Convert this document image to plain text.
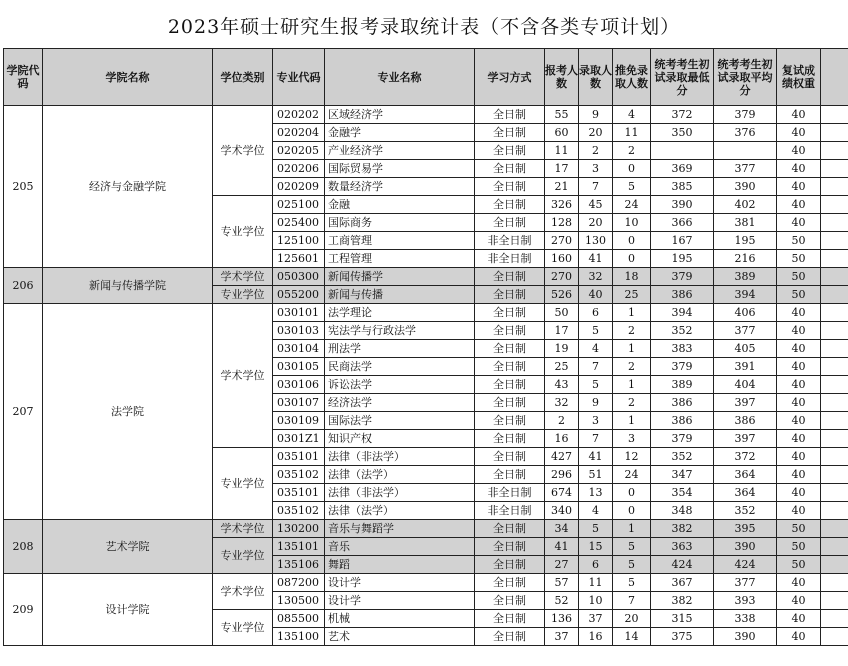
2023年硕士研究生报考录取统计表（不含各类专项计划）
学院代码	学院名称	学位类别	专业代码	专业名称	学习方式	报考人数	录取人数	推免录取人数	统考考生初试录取最低分	统考考生初试录取平均分	复试成绩权重	
205	经济与金融学院	学术学位	020202	区域经济学	全日制	55	9	4	372	379	40	
			020204	金融学	全日制	60	20	11	350	376	40	
			020205	产业经济学	全日制	11	2	2			40	
			020206	国际贸易学	全日制	17	3	0	369	377	40	
			020209	数量经济学	全日制	21	7	5	385	390	40	
		专业学位	025100	金融	全日制	326	45	24	390	402	40	
			025400	国际商务	全日制	128	20	10	366	381	40	
			125100	工商管理	非全日制	270	130	0	167	195	50	
			125601	工程管理	非全日制	160	41	0	195	216	50	
206	新闻与传播学院	学术学位	050300	新闻传播学	全日制	270	32	18	379	389	50	
		专业学位	055200	新闻与传播	全日制	526	40	25	386	394	50	
207	法学院	学术学位	030101	法学理论	全日制	50	6	1	394	406	40	
			030103	宪法学与行政法学	全日制	17	5	2	352	377	40	
			030104	刑法学	全日制	19	4	1	383	405	40	
			030105	民商法学	全日制	25	7	2	379	391	40	
			030106	诉讼法学	全日制	43	5	1	389	404	40	
			030107	经济法学	全日制	32	9	2	386	397	40	
			030109	国际法学	全日制	2	3	1	386	386	40	
			0301Z1	知识产权	全日制	16	7	3	379	397	40	
		专业学位	035101	法律（非法学）	全日制	427	41	12	352	372	40	
			035102	法律（法学）	全日制	296	51	24	347	364	40	
			035101	法律（非法学）	非全日制	674	13	0	354	364	40	
			035102	法律（法学）	非全日制	340	4	0	348	352	40	
208	艺术学院	学术学位	130200	音乐与舞蹈学	全日制	34	5	1	382	395	50	
		专业学位	135101	音乐	全日制	41	15	5	363	390	50	
			135106	舞蹈	全日制	27	6	5	424	424	50	
209	设计学院	学术学位	087200	设计学	全日制	57	11	5	367	377	40	
			130500	设计学	全日制	52	10	7	382	393	40	
		专业学位	085500	机械	全日制	136	37	20	315	338	40	
			135100	艺术	全日制	37	16	14	375	390	40	
